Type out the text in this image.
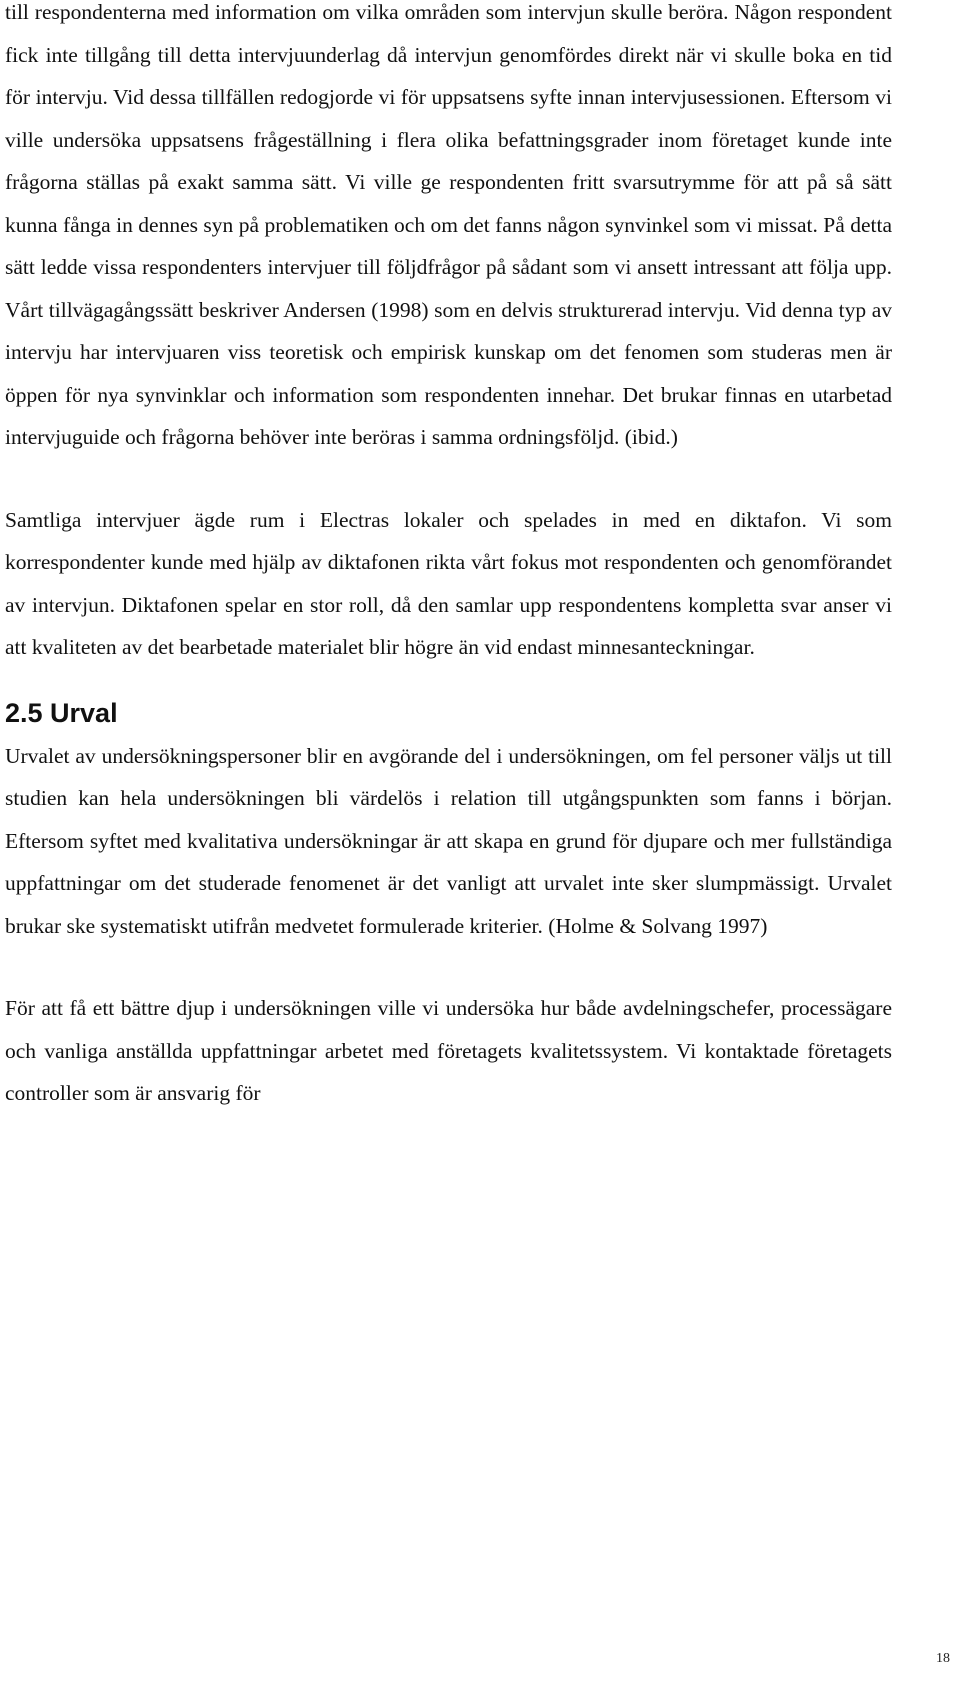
till respondenterna med information om vilka områden som intervjun skulle beröra. Någon respondent fick inte tillgång till detta intervjuunderlag då intervjun genomfördes direkt när vi skulle boka en tid för intervju. Vid dessa tillfällen redogjorde vi för uppsatsens syfte innan intervjusessionen. Eftersom vi ville undersöka uppsatsens frågeställning i flera olika befattningsgrader inom företaget kunde inte frågorna ställas på exakt samma sätt. Vi ville ge respondenten fritt svarsutrymme för att på så sätt kunna fånga in dennes syn på problematiken och om det fanns någon synvinkel som vi missat. På detta sätt ledde vissa respondenters intervjuer till följdfrågor på sådant som vi ansett intressant att följa upp. Vårt tillvägagångssätt beskriver Andersen (1998) som en delvis strukturerad intervju. Vid denna typ av intervju har intervjuaren viss teoretisk och empirisk kunskap om det fenomen som studeras men är öppen för nya synvinklar och information som respondenten innehar. Det brukar finnas en utarbetad intervjuguide och frågorna behöver inte beröras i samma ordningsföljd. (ibid.)

Samtliga intervjuer ägde rum i Electras lokaler och spelades in med en diktafon. Vi som korrespondenter kunde med hjälp av diktafonen rikta vårt fokus mot respondenten och genomförandet av intervjun. Diktafonen spelar en stor roll, då den samlar upp respondentens kompletta svar anser vi att kvaliteten av det bearbetade materialet blir högre än vid endast minnesanteckningar.

2.5 Urval

Urvalet av undersökningspersoner blir en avgörande del i undersökningen, om fel personer väljs ut till studien kan hela undersökningen bli värdelös i relation till utgångspunkten som fanns i början. Eftersom syftet med kvalitativa undersökningar är att skapa en grund för djupare och mer fullständiga uppfattningar om det studerade fenomenet är det vanligt att urvalet inte sker slumpmässigt. Urvalet brukar ske systematiskt utifrån medvetet formulerade kriterier. (Holme & Solvang 1997)

För att få ett bättre djup i undersökningen ville vi undersöka hur både avdelningschefer, processägare och vanliga anställda uppfattningar arbetet med företagets kvalitetssystem. Vi kontaktade företagets controller som är ansvarig för

18
